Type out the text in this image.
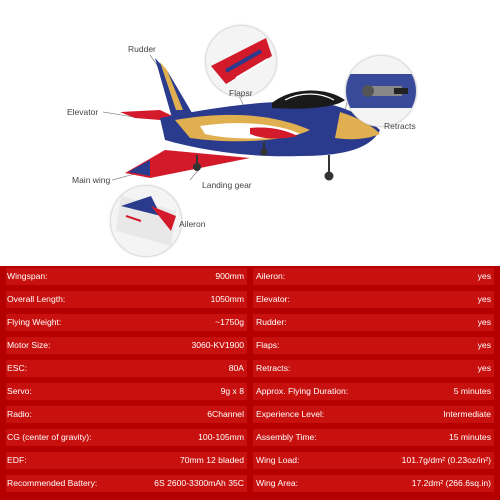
Rudder
Flapsr
Elevator
Retracts
Main wing	Landing gear
Aileron
Wingspan:	900mm Aileron:	yes
Overall Length:	1050mm Elevator:	yes
Flying Weight:	~1750g Rudder:	yes
Motor Size:	3060-KV1900 Flaps:	yes
ESC:	80A Retracts:	yes
Servo:	9g x 8 Approx. Flying Duration:	5 minutes
Radio:	6Channel Experience Level:	Intermediate
CG (center of gravity):	100-105mm Assembly Time:	15 minutes
EDF:	70mm 12 bladed Wing Load:	101.7g/dm² (0.23oz/in²)
Recommended Battery:	6S 2600-3300mAh 35C Wing Area:	17.2dm² (266.6sq.in)
